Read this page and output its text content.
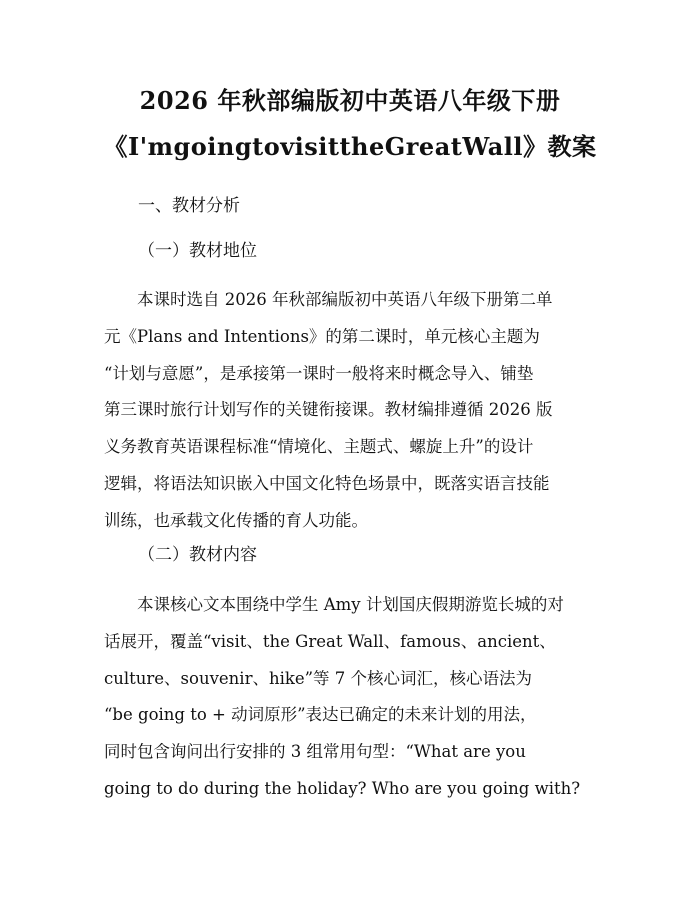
2026 年秋部编版初中英语八年级下册
《I'mgoingtovisittheGreatWall》教案
一、教材分析
（一）教材地位
本课时选自 2026 年秋部编版初中英语八年级下册第二单
元《Plans and Intentions》的第二课时，单元核心主题为
“计划与意愿”，是承接第一课时一般将来时概念导入、铺垫
第三课时旅行计划写作的关键衔接课。教材编排遵循 2026 版
义务教育英语课程标准“情境化、主题式、螺旋上升”的设计
逻辑，将语法知识嵌入中国文化特色场景中，既落实语言技能
训练，也承载文化传播的育人功能。
（二）教材内容
本课核心文本围绕中学生 Amy 计划国庆假期游览长城的对
话展开，覆盖“visit、the Great Wall、famous、ancient、
culture、souvenir、hike”等 7 个核心词汇，核心语法为
“be going to + 动词原形”表达已确定的未来计划的用法，
同时包含询问出行安排的 3 组常用句型：“What are you
going to do during the holiday? Who are you going with?
